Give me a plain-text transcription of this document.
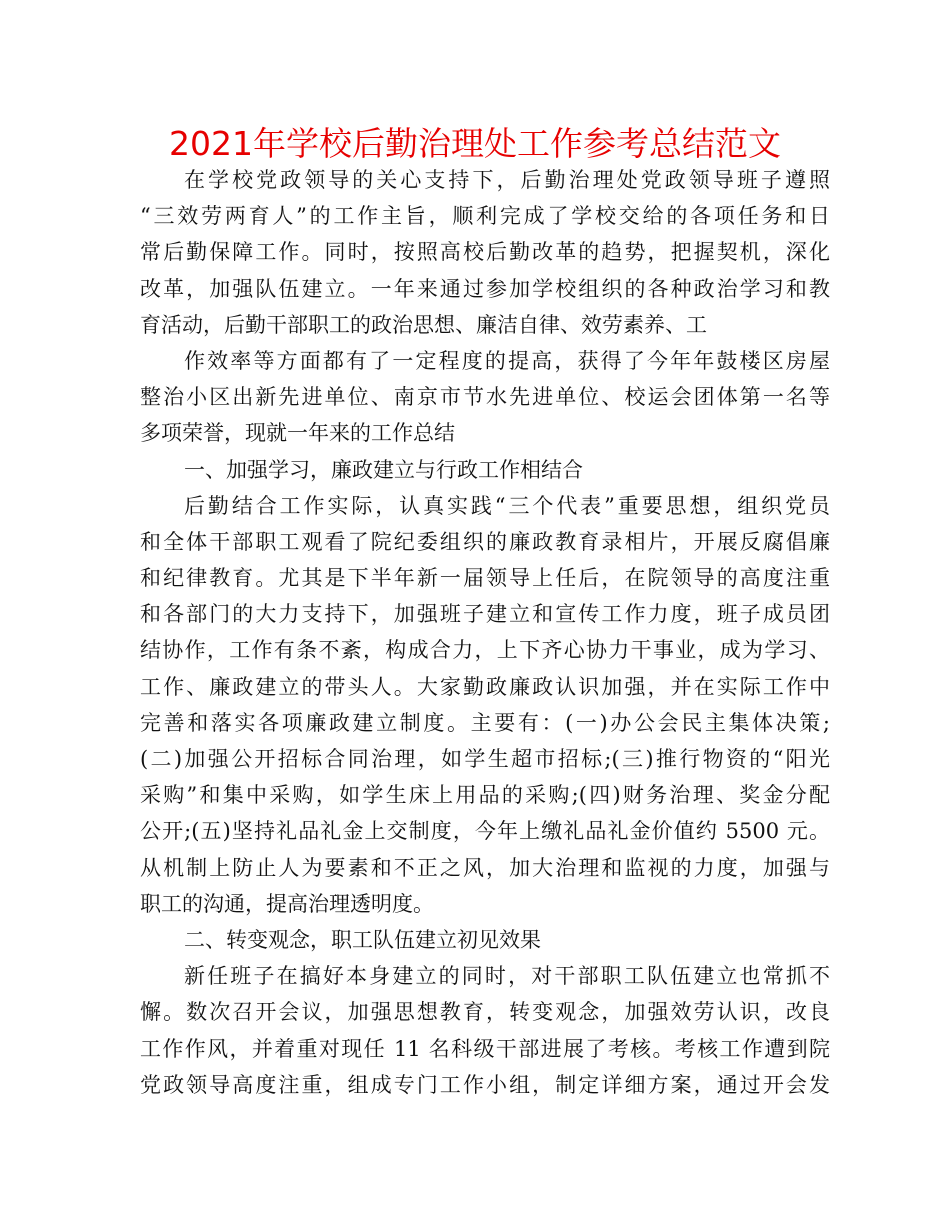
2021年学校后勤治理处工作参考总结范文
在学校党政领导的关心支持下，后勤治理处党政领导班子遵照
“三效劳两育人”的工作主旨，顺利完成了学校交给的各项任务和日
常后勤保障工作。同时，按照高校后勤改革的趋势，把握契机，深化
改革，加强队伍建立。一年来通过参加学校组织的各种政治学习和教
育活动，后勤干部职工的政治思想、廉洁自律、效劳素养、工
作效率等方面都有了一定程度的提高，获得了今年年鼓楼区房屋
整治小区出新先进单位、南京市节水先进单位、校运会团体第一名等
多项荣誉，现就一年来的工作总结
一、加强学习，廉政建立与行政工作相结合
后勤结合工作实际，认真实践“三个代表”重要思想，组织党员
和全体干部职工观看了院纪委组织的廉政教育录相片，开展反腐倡廉
和纪律教育。尤其是下半年新一届领导上任后，在院领导的高度注重
和各部门的大力支持下，加强班子建立和宣传工作力度，班子成员团
结协作，工作有条不紊，构成合力，上下齐心协力干事业，成为学习、
工作、廉政建立的带头人。大家勤政廉政认识加强，并在实际工作中
完善和落实各项廉政建立制度。主要有：(一)办公会民主集体决策;
(二)加强公开招标合同治理，如学生超市招标;(三)推行物资的“阳光
采购”和集中采购，如学生床上用品的采购;(四)财务治理、奖金分配
公开;(五)坚持礼品礼金上交制度，今年上缴礼品礼金价值约 5500 元。
从机制上防止人为要素和不正之风，加大治理和监视的力度，加强与
职工的沟通，提高治理透明度。
二、转变观念，职工队伍建立初见效果
新任班子在搞好本身建立的同时，对干部职工队伍建立也常抓不
懈。数次召开会议，加强思想教育，转变观念，加强效劳认识，改良
工作作风，并着重对现任 11 名科级干部进展了考核。考核工作遭到院
党政领导高度注重，组成专门工作小组，制定详细方案，通过开会发
